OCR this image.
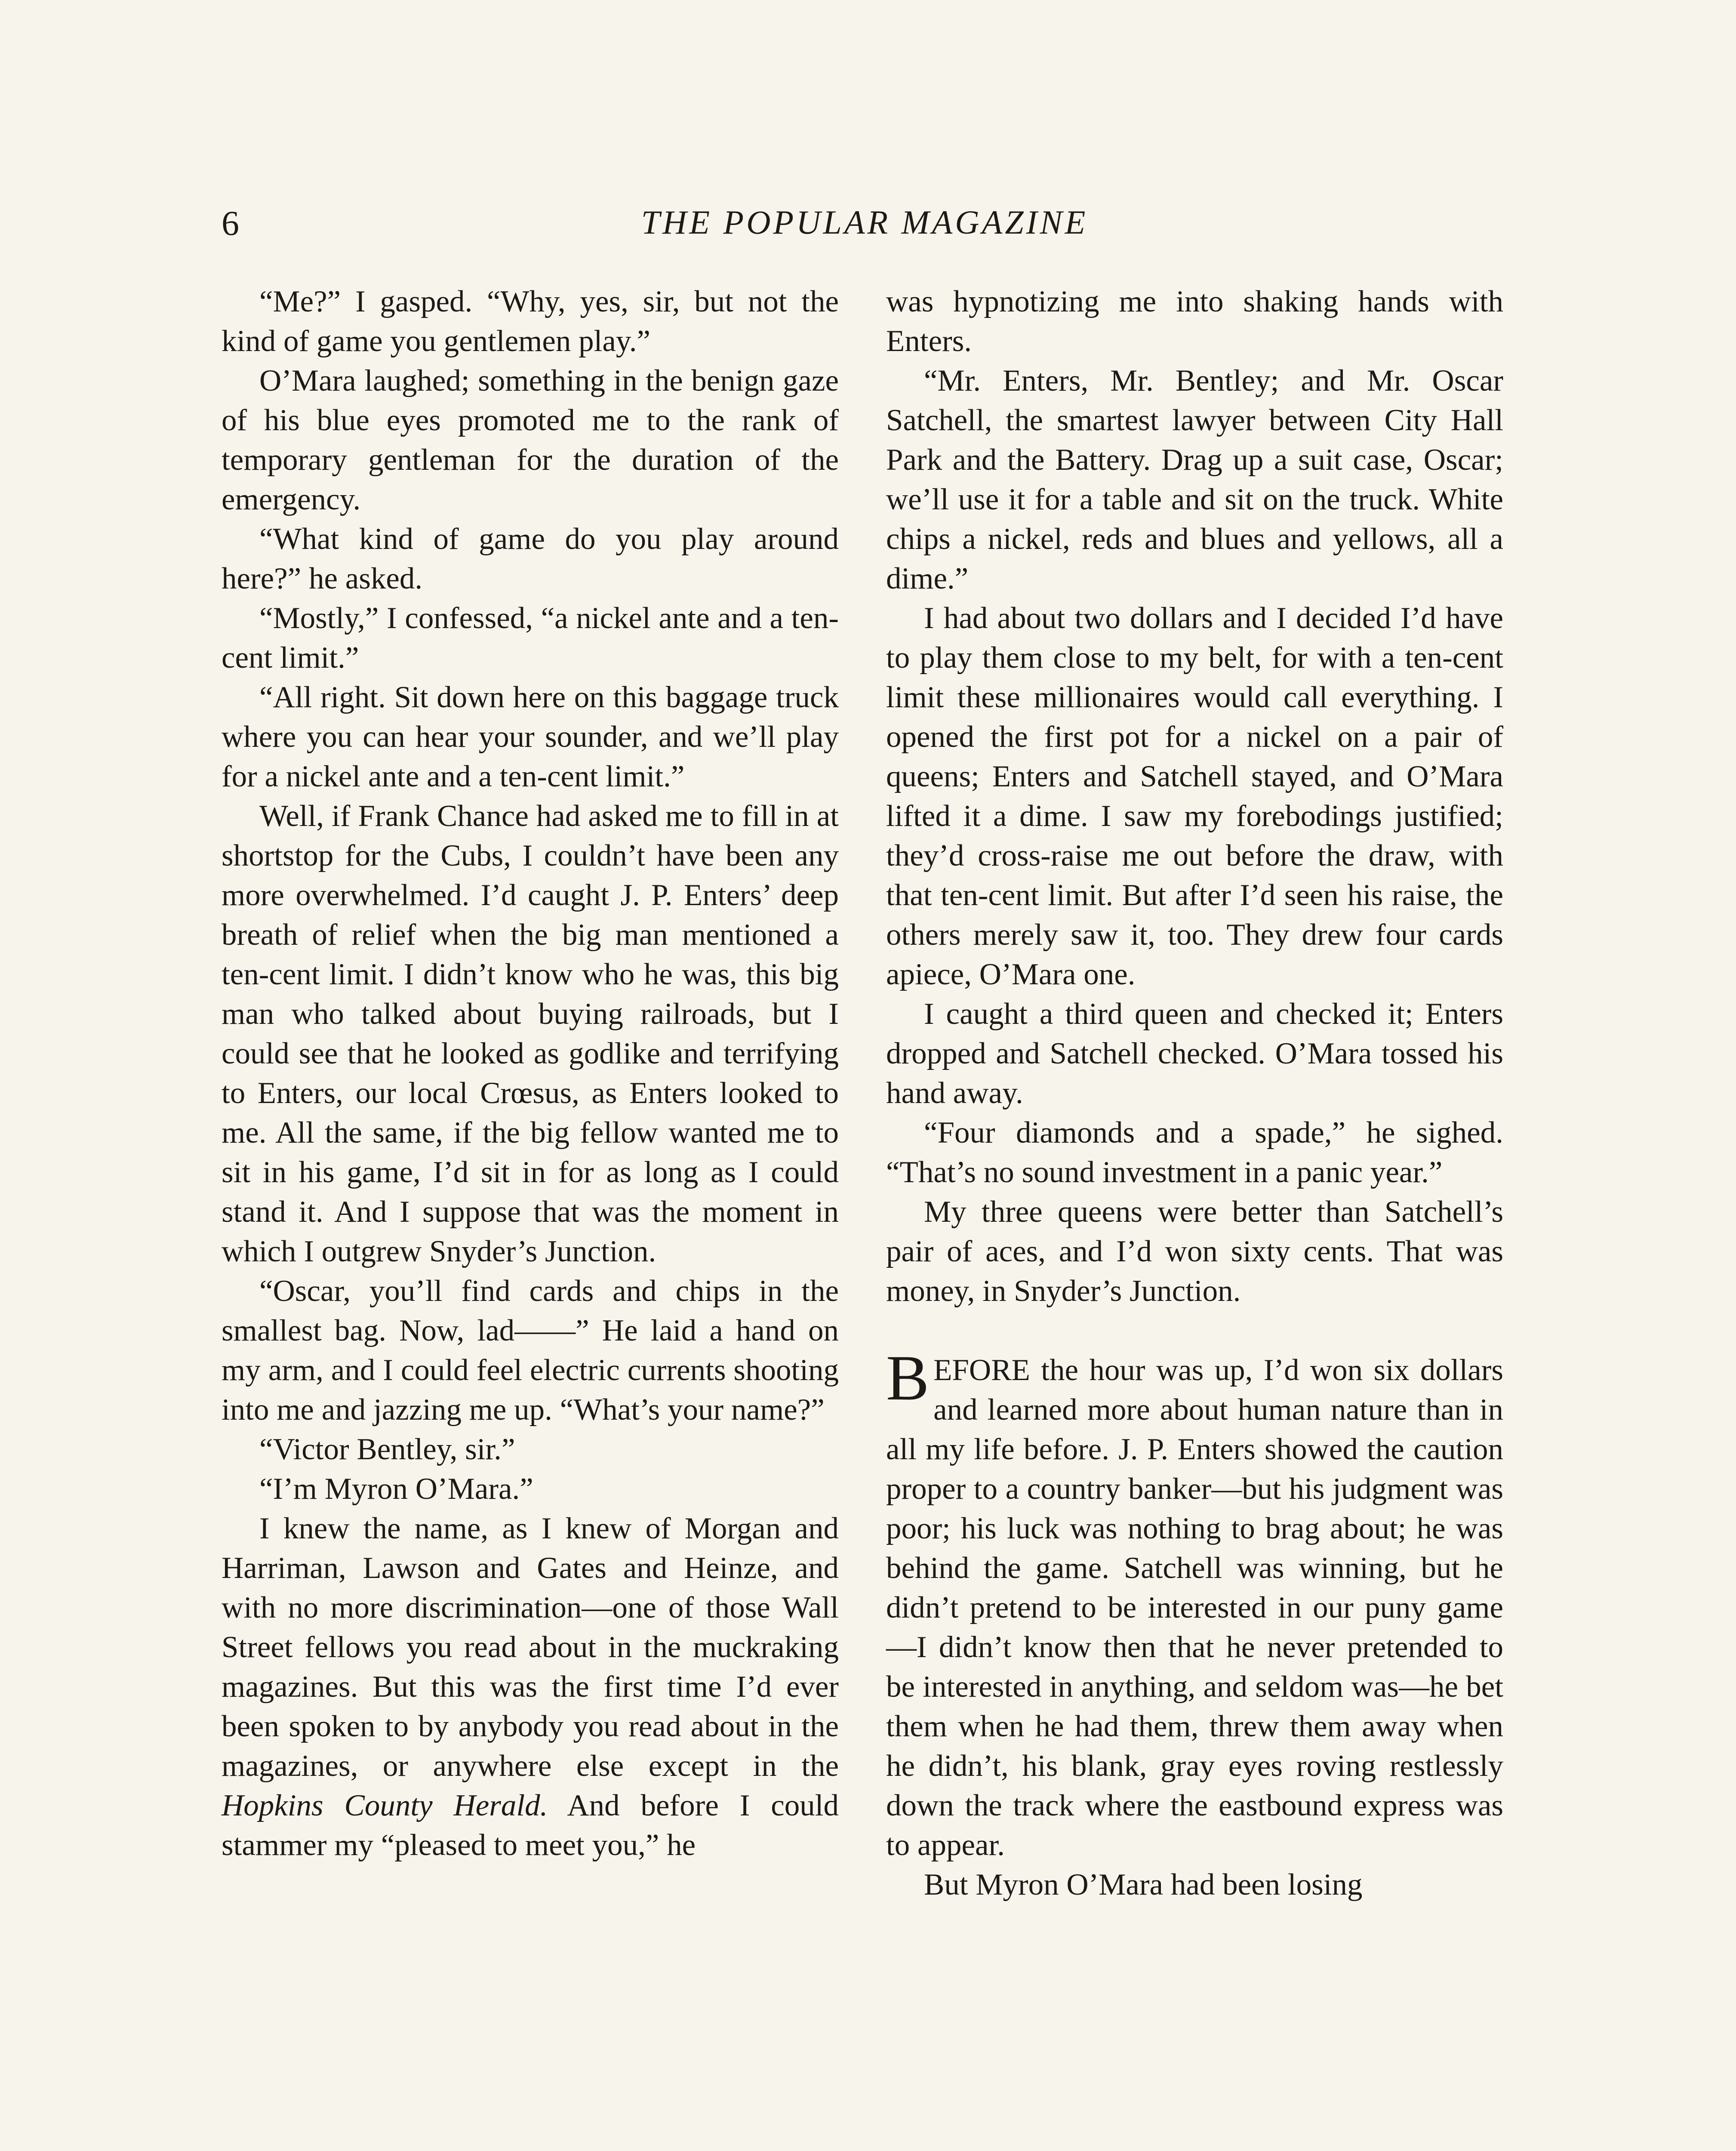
6	THE POPULAR MAGAZINE

“Me?” I gasped. “Why, yes, sir, but not the kind of game you gentlemen play.”

O’Mara laughed; something in the benign gaze of his blue eyes promoted me to the rank of temporary gentleman for the duration of the emergency.

“What kind of game do you play around here?” he asked.

“Mostly,” I confessed, “a nickel ante and a ten-cent limit.”

“All right. Sit down here on this baggage truck where you can hear your sounder, and we’ll play for a nickel ante and a ten-cent limit.”

Well, if Frank Chance had asked me to fill in at shortstop for the Cubs, I couldn’t have been any more overwhelmed. I’d caught J. P. Enters’ deep breath of relief when the big man mentioned a ten-cent limit. I didn’t know who he was, this big man who talked about buying railroads, but I could see that he looked as godlike and terrifying to Enters, our local Crœsus, as Enters looked to me. All the same, if the big fellow wanted me to sit in his game, I’d sit in for as long as I could stand it. And I suppose that was the moment in which I outgrew Snyder’s Junction.

“Oscar, you’ll find cards and chips in the smallest bag. Now, lad——” He laid a hand on my arm, and I could feel electric currents shooting into me and jazzing me up. “What’s your name?”

“Victor Bentley, sir.”

“I’m Myron O’Mara.”

I knew the name, as I knew of Morgan and Harriman, Lawson and Gates and Heinze, and with no more discrimination—one of those Wall Street fellows you read about in the muckraking magazines. But this was the first time I’d ever been spoken to by anybody you read about in the magazines, or anywhere else except in the Hopkins County Herald. And before I could stammer my “pleased to meet you,” he

was hypnotizing me into shaking hands with Enters.

“Mr. Enters, Mr. Bentley; and Mr. Oscar Satchell, the smartest lawyer between City Hall Park and the Battery. Drag up a suit case, Oscar; we’ll use it for a table and sit on the truck. White chips a nickel, reds and blues and yellows, all a dime.”

I had about two dollars and I decided I’d have to play them close to my belt, for with a ten-cent limit these millionaires would call everything. I opened the first pot for a nickel on a pair of queens; Enters and Satchell stayed, and O’Mara lifted it a dime. I saw my forebodings justified; they’d cross-raise me out before the draw, with that ten-cent limit. But after I’d seen his raise, the others merely saw it, too. They drew four cards apiece, O’Mara one.

I caught a third queen and checked it; Enters dropped and Satchell checked. O’Mara tossed his hand away.

“Four diamonds and a spade,” he sighed. “That’s no sound investment in a panic year.”

My three queens were better than Satchell’s pair of aces, and I’d won sixty cents. That was money, in Snyder’s Junction.

BEFORE the hour was up, I’d won six dollars and learned more about human nature than in all my life before. J. P. Enters showed the caution proper to a country banker—but his judgment was poor; his luck was nothing to brag about; he was behind the game. Satchell was winning, but he didn’t pretend to be interested in our puny game —I didn’t know then that he never pretended to be interested in anything, and seldom was—he bet them when he had them, threw them away when he didn’t, his blank, gray eyes roving restlessly down the track where the eastbound express was to appear.

But Myron O’Mara had been losing
